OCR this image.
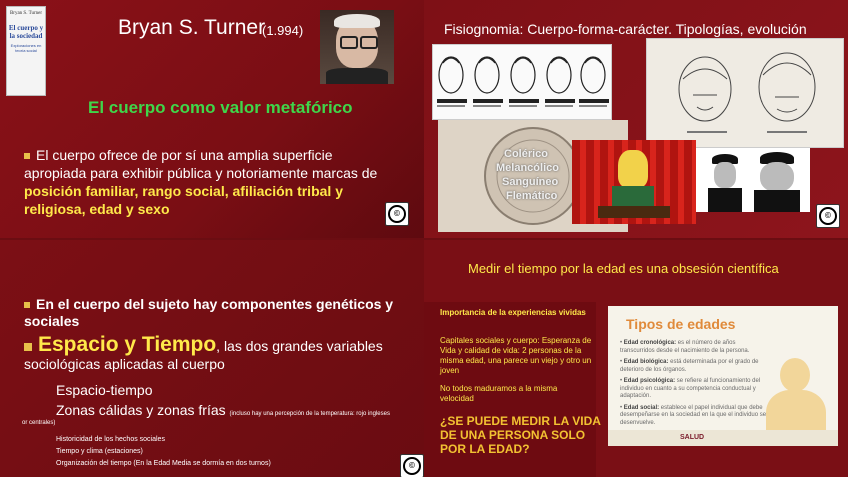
Bryan S. Turner
El cuerpo y la sociedad
Exploraciones en teoría social
Bryan S. Turner
(1.994)
El cuerpo como valor metafórico
El cuerpo ofrece de por sí una amplia superficie apropiada para exhibir pública y notoriamente marcas de posición familiar, rango social, afiliación tribal y religiosa, edad y sexo	©
Fisiognomia: Cuerpo-forma-carácter. Tipologías, evolución
Colérico
Melancólico
Sanguíneo
Flemático
©
En el cuerpo del sujeto hay componentes genéticos y sociales
Espacio y Tiempo, las dos grandes variables sociológicas aplicadas al cuerpo
Espacio-tiempo
Zonas cálidas y zonas frías (incluso hay una percepción de la temperatura: rojo ingleses
or centrales)
Historicidad de los hechos sociales
Tiempo y clima (estaciones)
Organización del tiempo (En la Edad Media se dormía en dos turnos)	©
Medir el tiempo por la edad es una obsesión científica
Importancia de la experiencias vividas
Capitales sociales y cuerpo: Esperanza de Vida y calidad de vida: 2 personas de la misma edad, una parece un viejo y otro un joven
No todos maduramos a la misma velocidad
¿SE PUEDE MEDIR LA VIDA DE UNA PERSONA SOLO POR LA EDAD?
Tipos de edades
• Edad cronológica: es el número de años transcurridos desde el nacimiento de la persona.
• Edad biológica: está determinada por el grado de deterioro de los órganos.
• Edad psicológica: se refiere al funcionamiento del individuo en cuanto a su competencia conductual y adaptación.
• Edad social: establece el papel individual que debe desempeñarse en la sociedad en la que el individuo se desenvuelve.
SALUD
